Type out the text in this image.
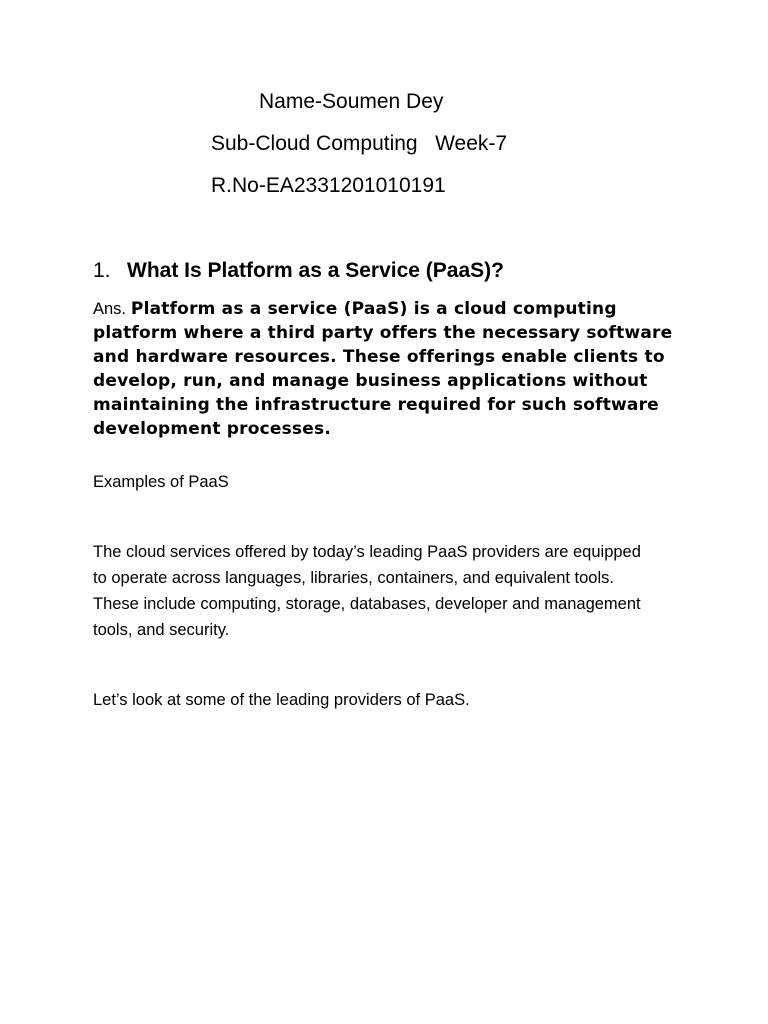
Name-Soumen Dey
Sub-Cloud Computing   Week-7
R.No-EA2331201010191
1. What Is Platform as a Service (PaaS)?
Ans. Platform as a service (PaaS) is a cloud computing platform where a third party offers the necessary software and hardware resources. These offerings enable clients to develop, run, and manage business applications without maintaining the infrastructure required for such software development processes.
Examples of PaaS
The cloud services offered by today’s leading PaaS providers are equipped to operate across languages, libraries, containers, and equivalent tools. These include computing, storage, databases, developer and management tools, and security.
Let’s look at some of the leading providers of PaaS.
